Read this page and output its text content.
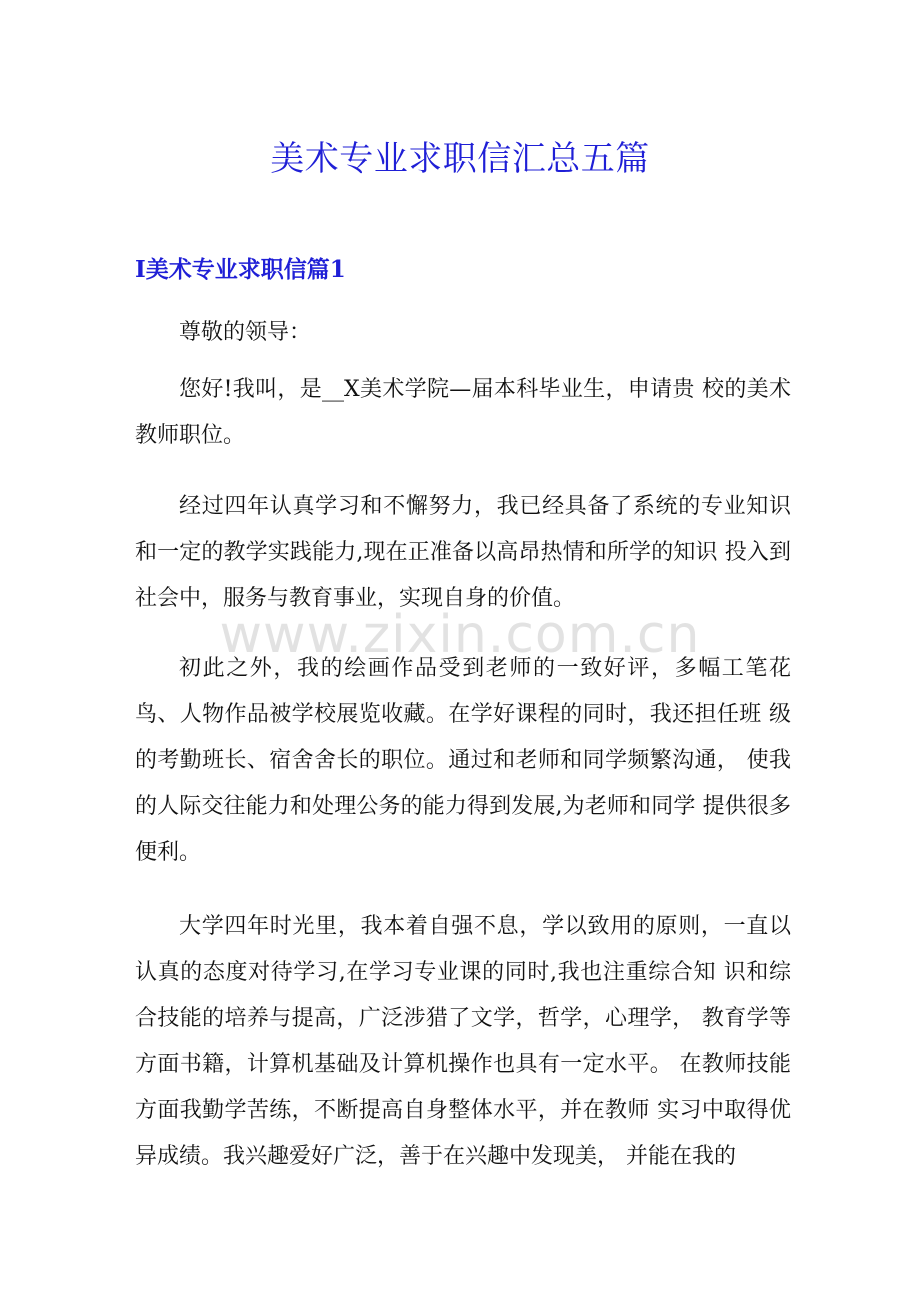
美术专业求职信汇总五篇
I美术专业求职信篇1

尊敬的领导：

您好!我叫，是__X美术学院—届本科毕业生，申请贵 校的美术教师职位。

经过四年认真学习和不懈努力，我已经具备了系统的专业知识和一定的教学实践能力,现在正准备以高昂热情和所学的知识 投入到社会中，服务与教育事业，实现自身的价值。

初此之外，我的绘画作品受到老师的一致好评，多幅工笔花鸟、人物作品被学校展览收藏。在学好课程的同时，我还担任班 级的考勤班长、宿舍舍长的职位。通过和老师和同学频繁沟通， 使我的人际交往能力和处理公务的能力得到发展,为老师和同学 提供很多便利。

大学四年时光里，我本着自强不息，学以致用的原则，一直以认真的态度对待学习,在学习专业课的同时,我也注重综合知 识和综合技能的培养与提高，广泛涉猎了文学，哲学，心理学， 教育学等方面书籍，计算机基础及计算机操作也具有一定水平。 在教师技能方面我勤学苦练，不断提高自身整体水平，并在教师 实习中取得优异成绩。我兴趣爱好广泛，善于在兴趣中发现美， 并能在我的

www.zixin.com.cn
